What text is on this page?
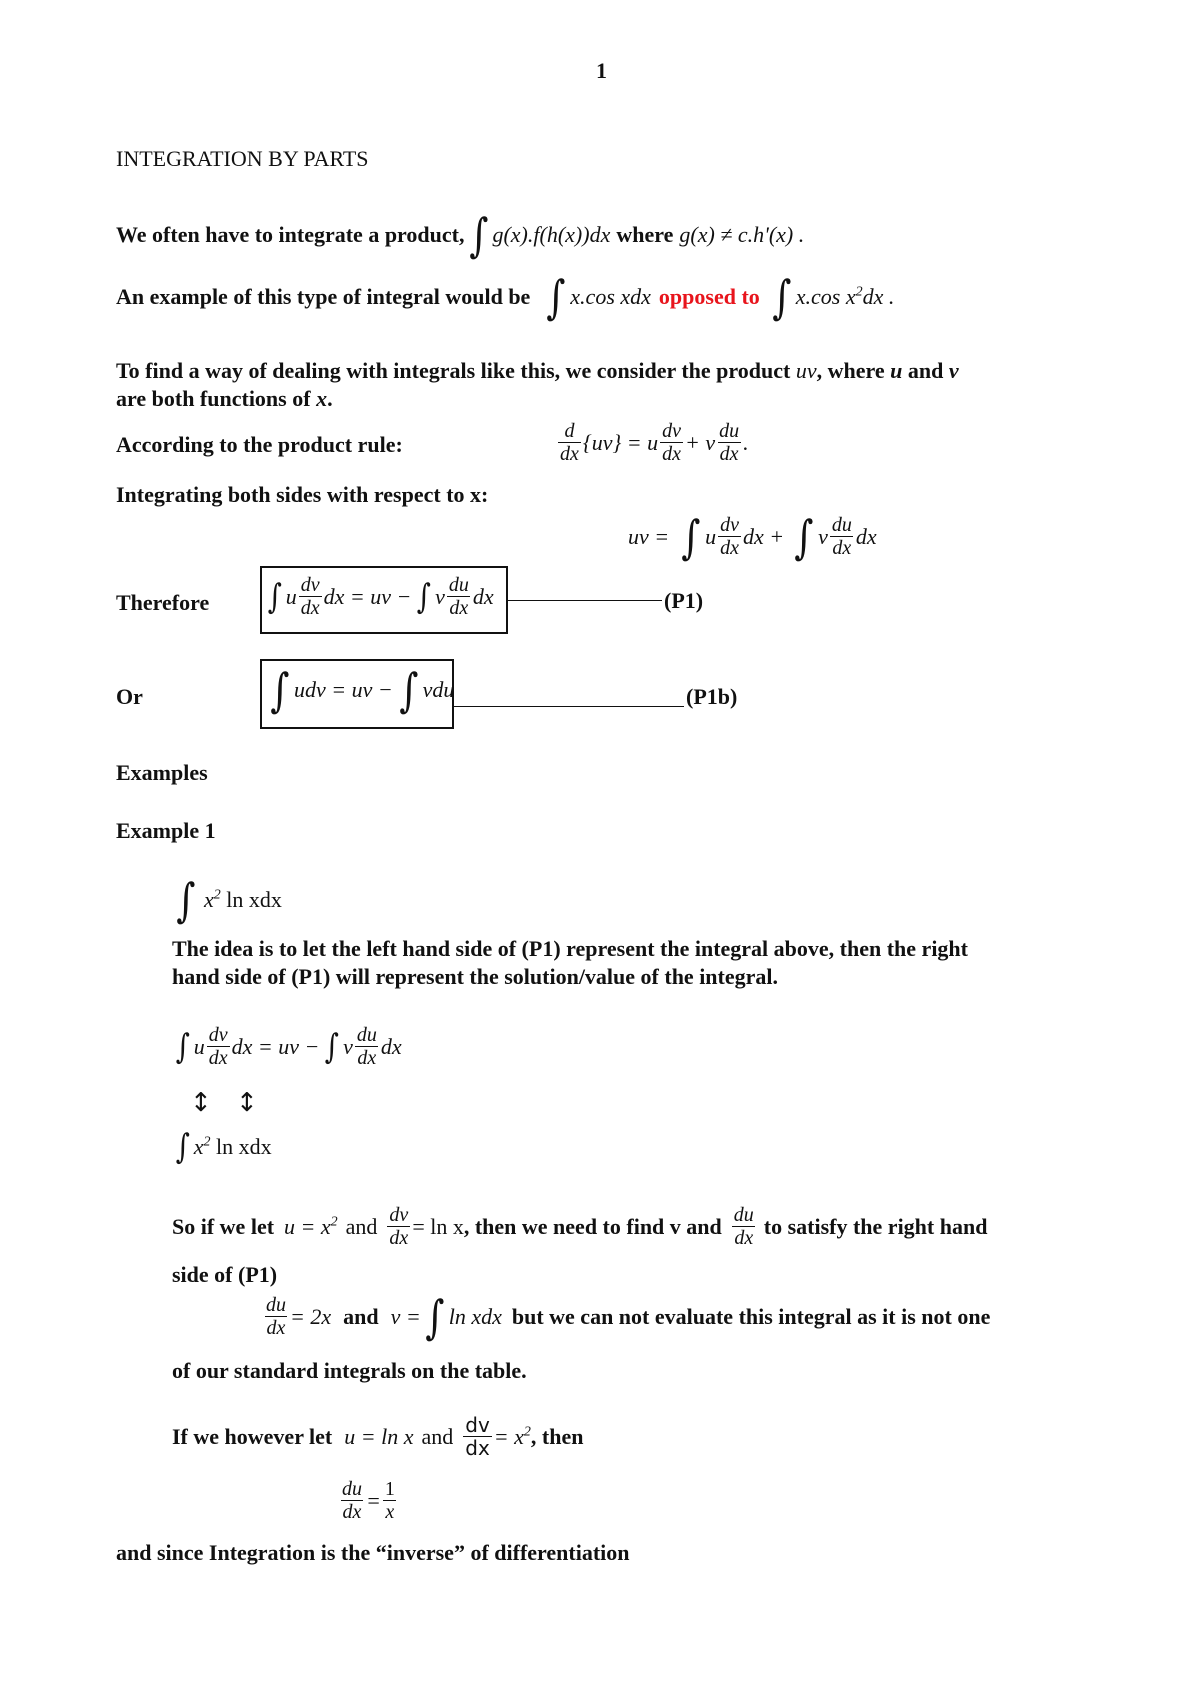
1
INTEGRATION BY PARTS
We often have to integrate a product, ∫ g(x).f(h(x))dx where g(x) ≠ c.h'(x) .
An example of this type of integral would be ∫ x.cos xdx opposed to ∫ x.cos $x^2dx$ .
To find a way of dealing with integrals like this, we consider the product uv, where u and v
are both functions of x.
According to the product rule:	$\frac{d}{dx} \{uv\} = u \frac{dv}{dx} + v \frac{du}{dx}$ .
Integrating both sides with respect to x:
uv = ∫ u $\frac{dv}{dx}$ dx + ∫ v $\frac{du}{dx}$ dx
Therefore ∫ u $\frac{dv}{dx}$ dx = uv − ∫ v $\frac{du}{dx}$ dx	(P1)
Or	∫ udv = uv − ∫ vdu	(P1b)
Examples
Example 1
∫ $x^2$ ln xdx
The idea is to let the left hand side of (P1) represent the integral above, then the right
hand side of (P1) will represent the solution/value of the integral.
∫ u $\frac{dv}{dx}$ dx = uv − ∫ v $\frac{du}{dx}$ dx
↕ ↕
∫ $x^2$ ln xdx
So if we let $u = x^2$ and $\frac{dv}{dx} = \ln x$ , then we need to find v and $\frac{du}{dx}$ to satisfy the right hand
side of (P1)
$\frac{du}{dx} = 2x$ and v = ∫ ln xdx but we can not evaluate this integral as it is not one
of our standard integrals on the table.
If we however let u = ln x and $\frac{dv}{dx} = x^2$ , then
$\frac{du}{dx} = \frac{1}{x}$
and since Integration is the “inverse” of differentiation
